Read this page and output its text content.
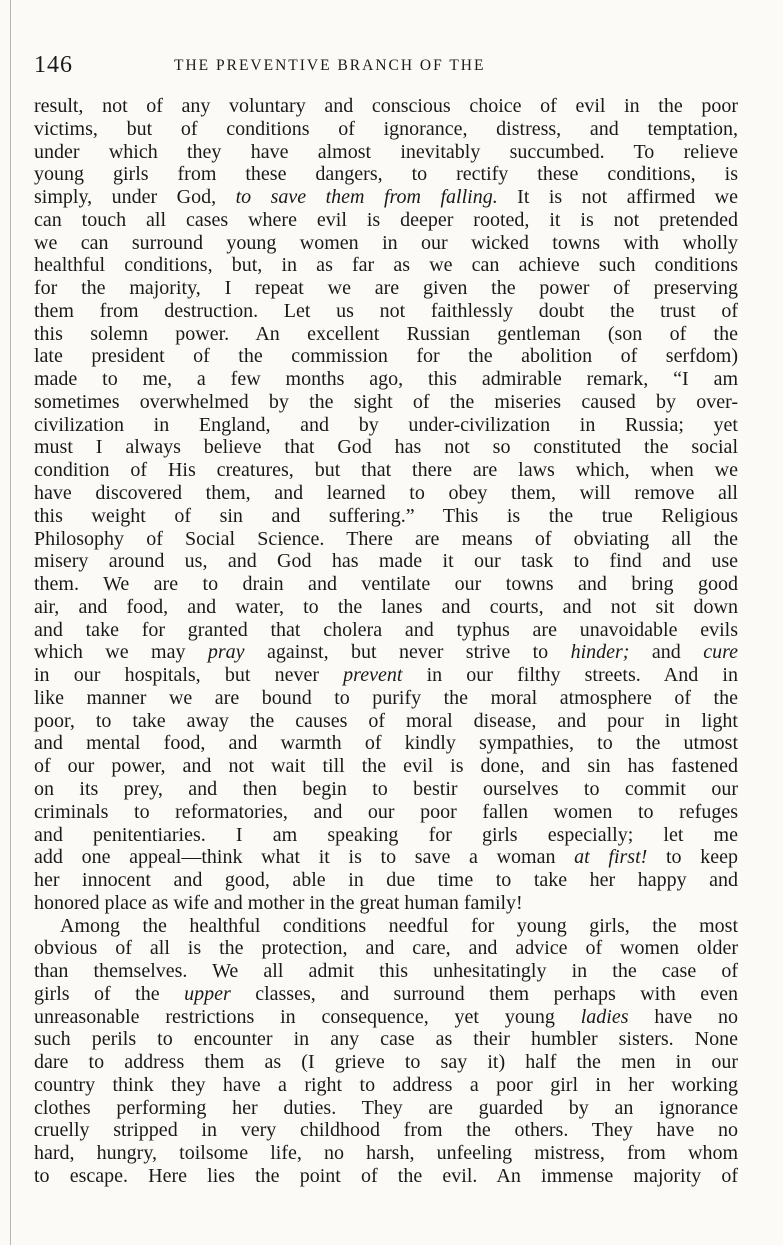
146	THE PREVENTIVE BRANCH OF THE
result, not of any voluntary and conscious choice of evil in the poor
victims, but of conditions of ignorance, distress, and temptation,
under which they have almost inevitably succumbed. To relieve
young girls from these dangers, to rectify these conditions, is
simply, under God, to save them from falling. It is not affirmed we
can touch all cases where evil is deeper rooted, it is not pretended
we can surround young women in our wicked towns with wholly
healthful conditions, but, in as far as we can achieve such conditions
for the majority, I repeat we are given the power of preserving
them from destruction. Let us not faithlessly doubt the trust of
this solemn power. An excellent Russian gentleman (son of the
late president of the commission for the abolition of serfdom)
made to me, a few months ago, this admirable remark, “I am
sometimes overwhelmed by the sight of the miseries caused by over-
civilization in England, and by under-civilization in Russia; yet
must I always believe that God has not so constituted the social
condition of His creatures, but that there are laws which, when we
have discovered them, and learned to obey them, will remove all
this weight of sin and suffering.” This is the true Religious
Philosophy of Social Science. There are means of obviating all the
misery around us, and God has made it our task to find and use
them. We are to drain and ventilate our towns and bring good
air, and food, and water, to the lanes and courts, and not sit down
and take for granted that cholera and typhus are unavoidable evils
which we may pray against, but never strive to hinder; and cure
in our hospitals, but never prevent in our filthy streets. And in
like manner we are bound to purify the moral atmosphere of the
poor, to take away the causes of moral disease, and pour in light
and mental food, and warmth of kindly sympathies, to the utmost
of our power, and not wait till the evil is done, and sin has fastened
on its prey, and then begin to bestir ourselves to commit our
criminals to reformatories, and our poor fallen women to refuges
and penitentiaries. I am speaking for girls especially; let me
add one appeal—think what it is to save a woman at first! to keep
her innocent and good, able in due time to take her happy and
honored place as wife and mother in the great human family!
Among the healthful conditions needful for young girls, the most
obvious of all is the protection, and care, and advice of women older
than themselves. We all admit this unhesitatingly in the case of
girls of the upper classes, and surround them perhaps with even
unreasonable restrictions in consequence, yet young ladies have no
such perils to encounter in any case as their humbler sisters. None
dare to address them as (I grieve to say it) half the men in our
country think they have a right to address a poor girl in her working
clothes performing her duties. They are guarded by an ignorance
cruelly stripped in very childhood from the others. They have no
hard, hungry, toilsome life, no harsh, unfeeling mistress, from whom
to escape. Here lies the point of the evil. An immense majority of
